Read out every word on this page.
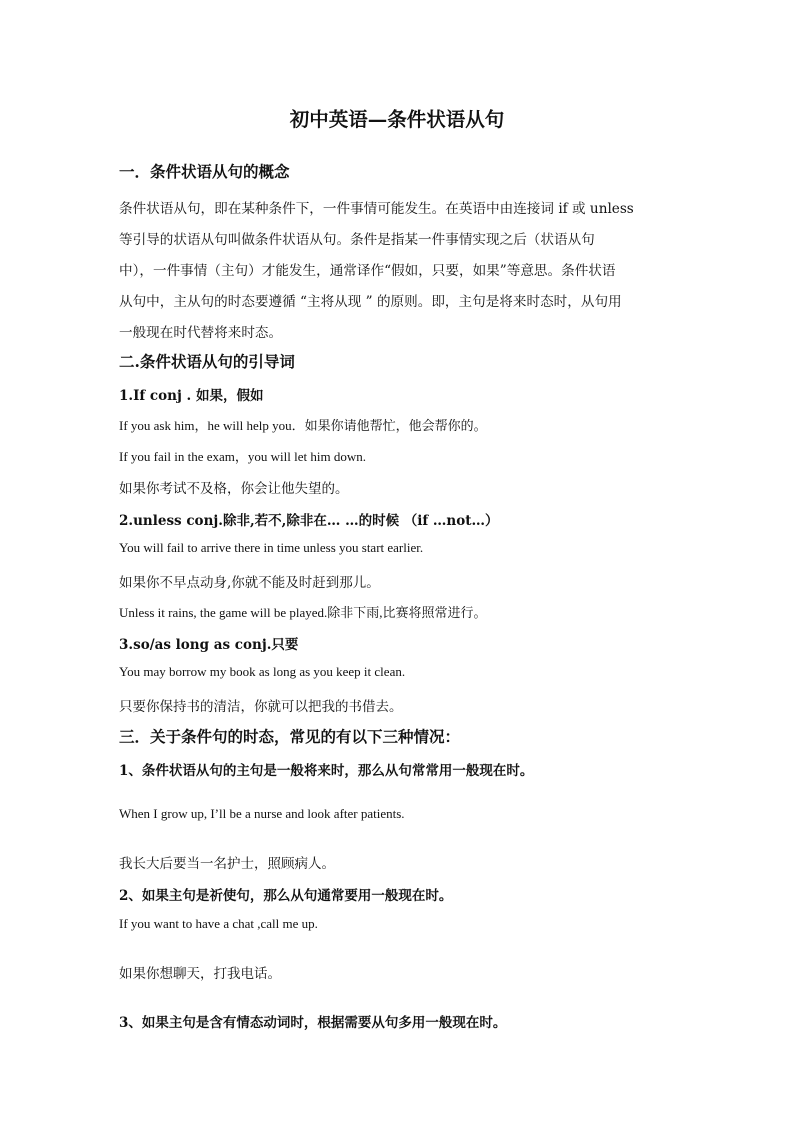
初中英语—条件状语从句
一．条件状语从句的概念
条件状语从句，即在某种条件下，一件事情可能发生。在英语中由连接词 if 或 unless
等引导的状语从句叫做条件状语从句。条件是指某一件事情实现之后（状语从句
中），一件事情（主句）才能发生，通常译作“假如，只要，如果”等意思。条件状语
从句中，主从句的时态要遵循 “主将从现 ” 的原则。即，主句是将来时态时，从句用
一般现在时代替将来时态。
二.条件状语从句的引导词
1.If conj . 如果，假如
If you ask him，he will help you．如果你请他帮忙，他会帮你的。
If you fail in the exam，you will let him down.
如果你考试不及格，你会让他失望的。
2.unless conj.除非,若不,除非在… …的时候 （if …not…）
You will fail to arrive there in time unless you start earlier.
如果你不早点动身,你就不能及时赶到那儿。
Unless it rains, the game will be played.除非下雨,比赛将照常进行。
3.so/as long as conj.只要
You may borrow my book as long as you keep it clean.
只要你保持书的清洁，你就可以把我的书借去。
三．关于条件句的时态，常见的有以下三种情况：
1、条件状语从句的主句是一般将来时，那么从句常常用一般现在时。
When I grow up, I’ll be a nurse and look after patients.
我长大后要当一名护士，照顾病人。
2、如果主句是祈使句，那么从句通常要用一般现在时。
If you want to have a chat ,call me up.
如果你想聊天，打我电话。
3、如果主句是含有情态动词时，根据需要从句多用一般现在时。
